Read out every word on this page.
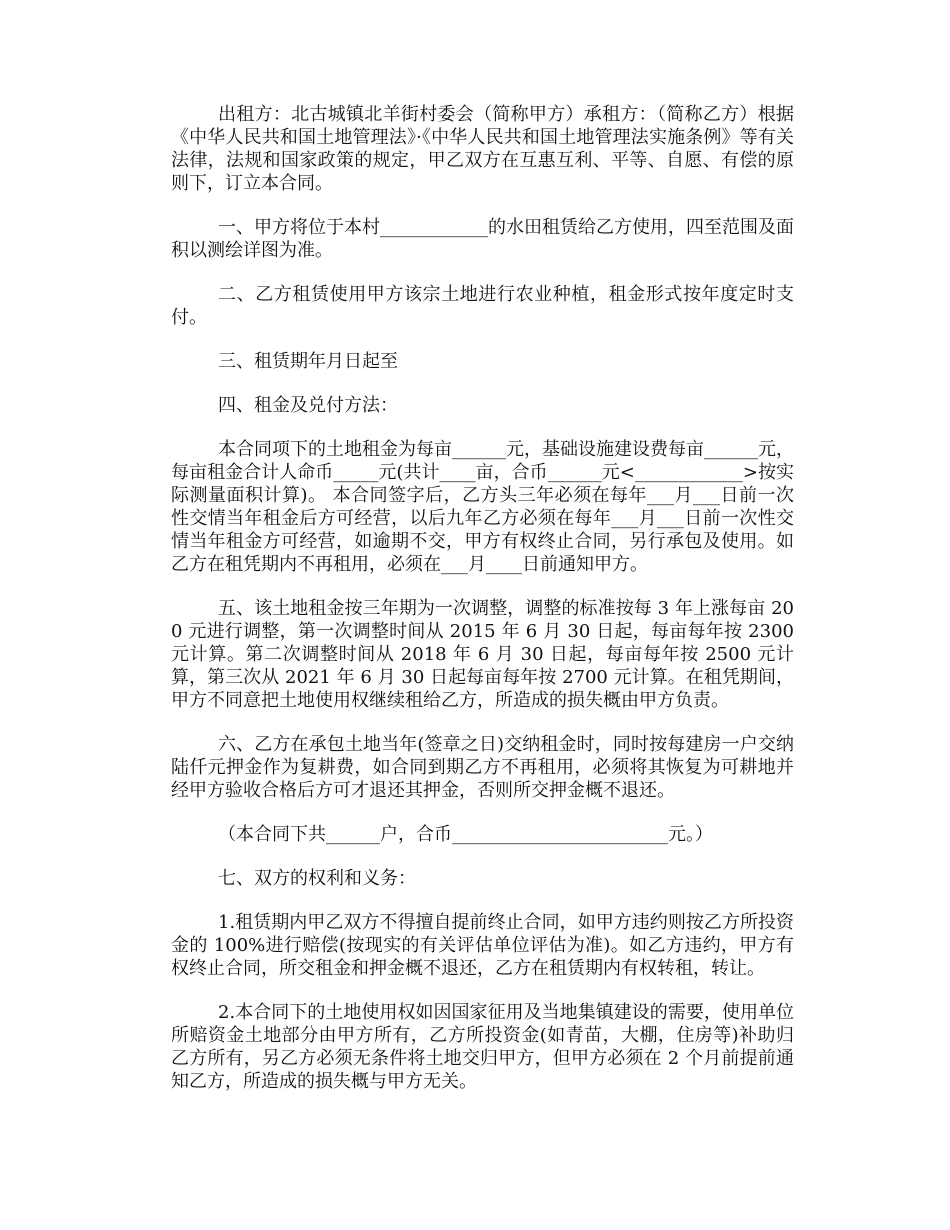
出租方：北古城镇北羊街村委会（简称甲方）承租方：（简称乙方）根据《中华人民共和国土地管理法》·《中华人民共和国土地管理法实施条例》等有关法律，法规和国家政策的规定，甲乙双方在互惠互利、平等、自愿、有偿的原则下，订立本合同。

一、甲方将位于本村____________的水田租赁给乙方使用，四至范围及面积以测绘详图为准。

二、乙方租赁使用甲方该宗土地进行农业种植，租金形式按年度定时支付。

三、租赁期年月日起至

四、租金及兑付方法：

本合同项下的土地租金为每亩______元，基础设施建设费每亩______元，每亩租金合计人命币_____元(共计____亩，合币______元<____________>按实际测量面积计算)。 本合同签字后，乙方头三年必须在每年___月___日前一次性交情当年租金后方可经营，以后九年乙方必须在每年___月___日前一次性交情当年租金方可经营，如逾期不交，甲方有权终止合同，另行承包及使用。如乙方在租凭期内不再租用，必须在___月____日前通知甲方。

五、该土地租金按三年期为一次调整，调整的标准按每 3 年上涨每亩 200 元进行调整，第一次调整时间从 2015 年 6 月 30 日起，每亩每年按 2300 元计算。第二次调整时间从 2018 年 6 月 30 日起，每亩每年按 2500 元计算，第三次从 2021 年 6 月 30 日起每亩每年按 2700 元计算。在租凭期间，甲方不同意把土地使用权继续租给乙方，所造成的损失概由甲方负责。

六、乙方在承包土地当年(签章之日)交纳租金时，同时按每建房一户交纳陆仟元押金作为复耕费，如合同到期乙方不再租用，必须将其恢复为可耕地并经甲方验收合格后方可才退还其押金，否则所交押金概不退还。

（本合同下共______户，合币________________________元。）

七、双方的权利和义务：

1.租赁期内甲乙双方不得擅自提前终止合同，如甲方违约则按乙方所投资金的 100%进行赔偿(按现实的有关评估单位评估为准)。如乙方违约，甲方有权终止合同，所交租金和押金概不退还，乙方在租赁期内有权转租，转让。

2.本合同下的土地使用权如因国家征用及当地集镇建设的需要，使用单位所赔资金土地部分由甲方所有，乙方所投资金(如青苗，大棚，住房等)补助归乙方所有，另乙方必须无条件将土地交归甲方，但甲方必须在 2 个月前提前通知乙方，所造成的损失概与甲方无关。
